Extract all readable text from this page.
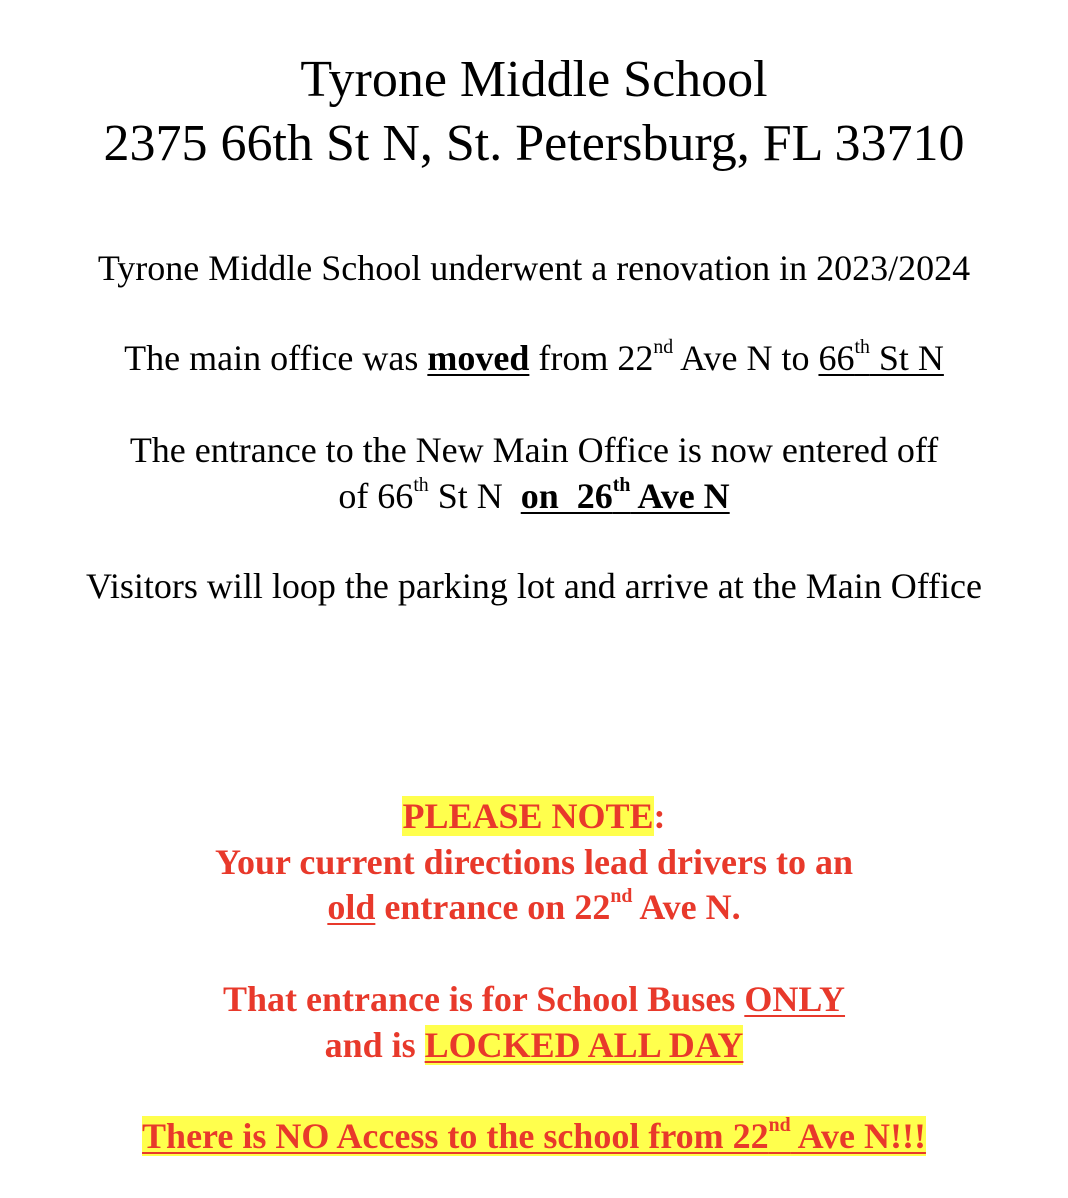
Tyrone Middle School
2375 66th St N, St. Petersburg, FL 33710
Tyrone Middle School underwent a renovation in 2023/2024
The main office was moved from 22nd Ave N to 66th St N
The entrance to the New Main Office is now entered off
of 66th St N  on  26th Ave N
Visitors will loop the parking lot and arrive at the Main Office
PLEASE NOTE:
Your current directions lead drivers to an
old entrance on 22nd Ave N.
That entrance is for School Buses ONLY
and is LOCKED ALL DAY
There is NO Access to the school from 22nd Ave N!!!
